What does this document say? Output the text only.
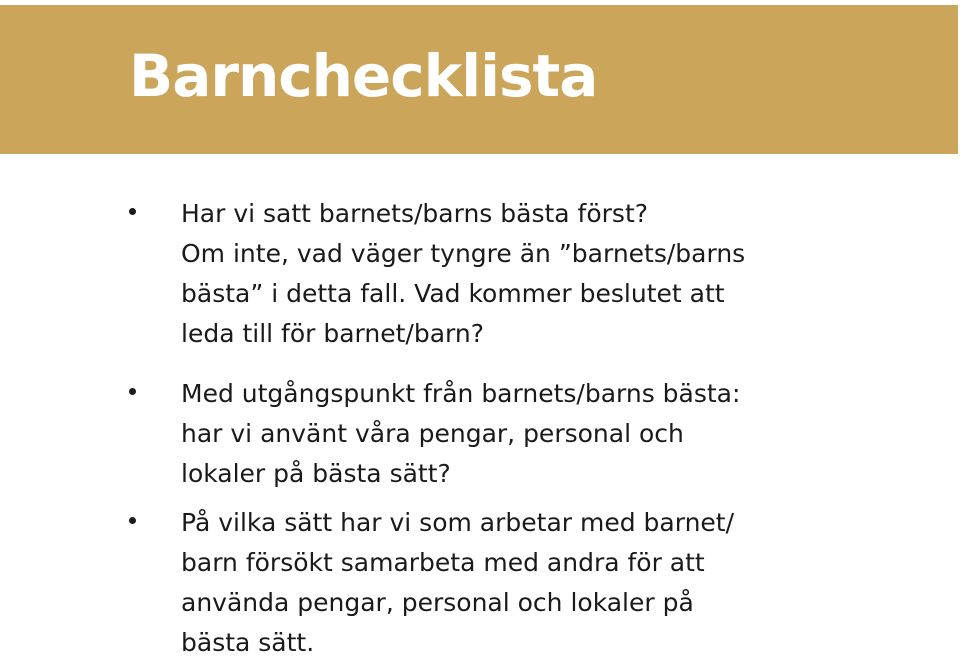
Barnchecklista
Har vi satt barnets/barns bästa först?
Om inte, vad väger tyngre än ”barnets/barns
bästa” i detta fall. Vad kommer beslutet att
leda till för barnet/barn?
Med utgångspunkt från barnets/barns bästa:
har vi använt våra pengar, personal och
lokaler på bästa sätt?
På vilka sätt har vi som arbetar med barnet/
barn försökt samarbeta med andra för att
använda pengar, personal och lokaler på
bästa sätt.
